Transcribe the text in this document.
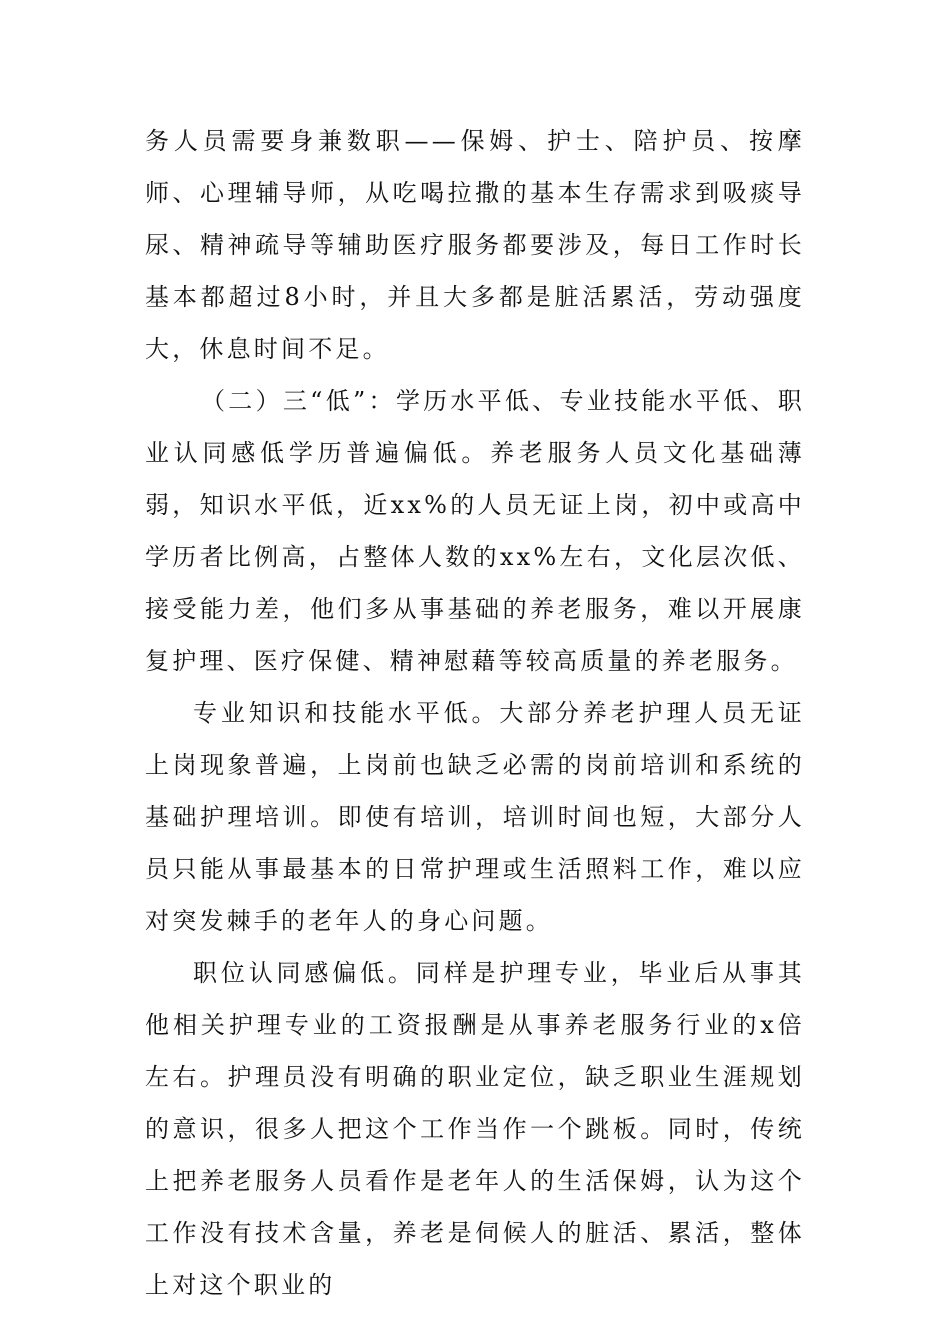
务人员需要身兼数职——保姆、护士、陪护员、按摩师、心理辅导师，从吃喝拉撒的基本生存需求到吸痰导尿、精神疏导等辅助医疗服务都要涉及，每日工作时长基本都超过8小时，并且大多都是脏活累活，劳动强度大，休息时间不足。

（二）三“低”：学历水平低、专业技能水平低、职业认同感低学历普遍偏低。养老服务人员文化基础薄弱，知识水平低，近xx%的人员无证上岗，初中或高中学历者比例高，占整体人数的xx%左右，文化层次低、接受能力差，他们多从事基础的养老服务，难以开展康复护理、医疗保健、精神慰藉等较高质量的养老服务。

专业知识和技能水平低。大部分养老护理人员无证上岗现象普遍，上岗前也缺乏必需的岗前培训和系统的基础护理培训。即使有培训，培训时间也短，大部分人员只能从事最基本的日常护理或生活照料工作，难以应对突发棘手的老年人的身心问题。

职位认同感偏低。同样是护理专业，毕业后从事其他相关护理专业的工资报酬是从事养老服务行业的x倍左右。护理员没有明确的职业定位，缺乏职业生涯规划的意识，很多人把这个工作当作一个跳板。同时，传统上把养老服务人员看作是老年人的生活保姆，认为这个工作没有技术含量，养老是伺候人的脏活、累活，整体上对这个职业的
